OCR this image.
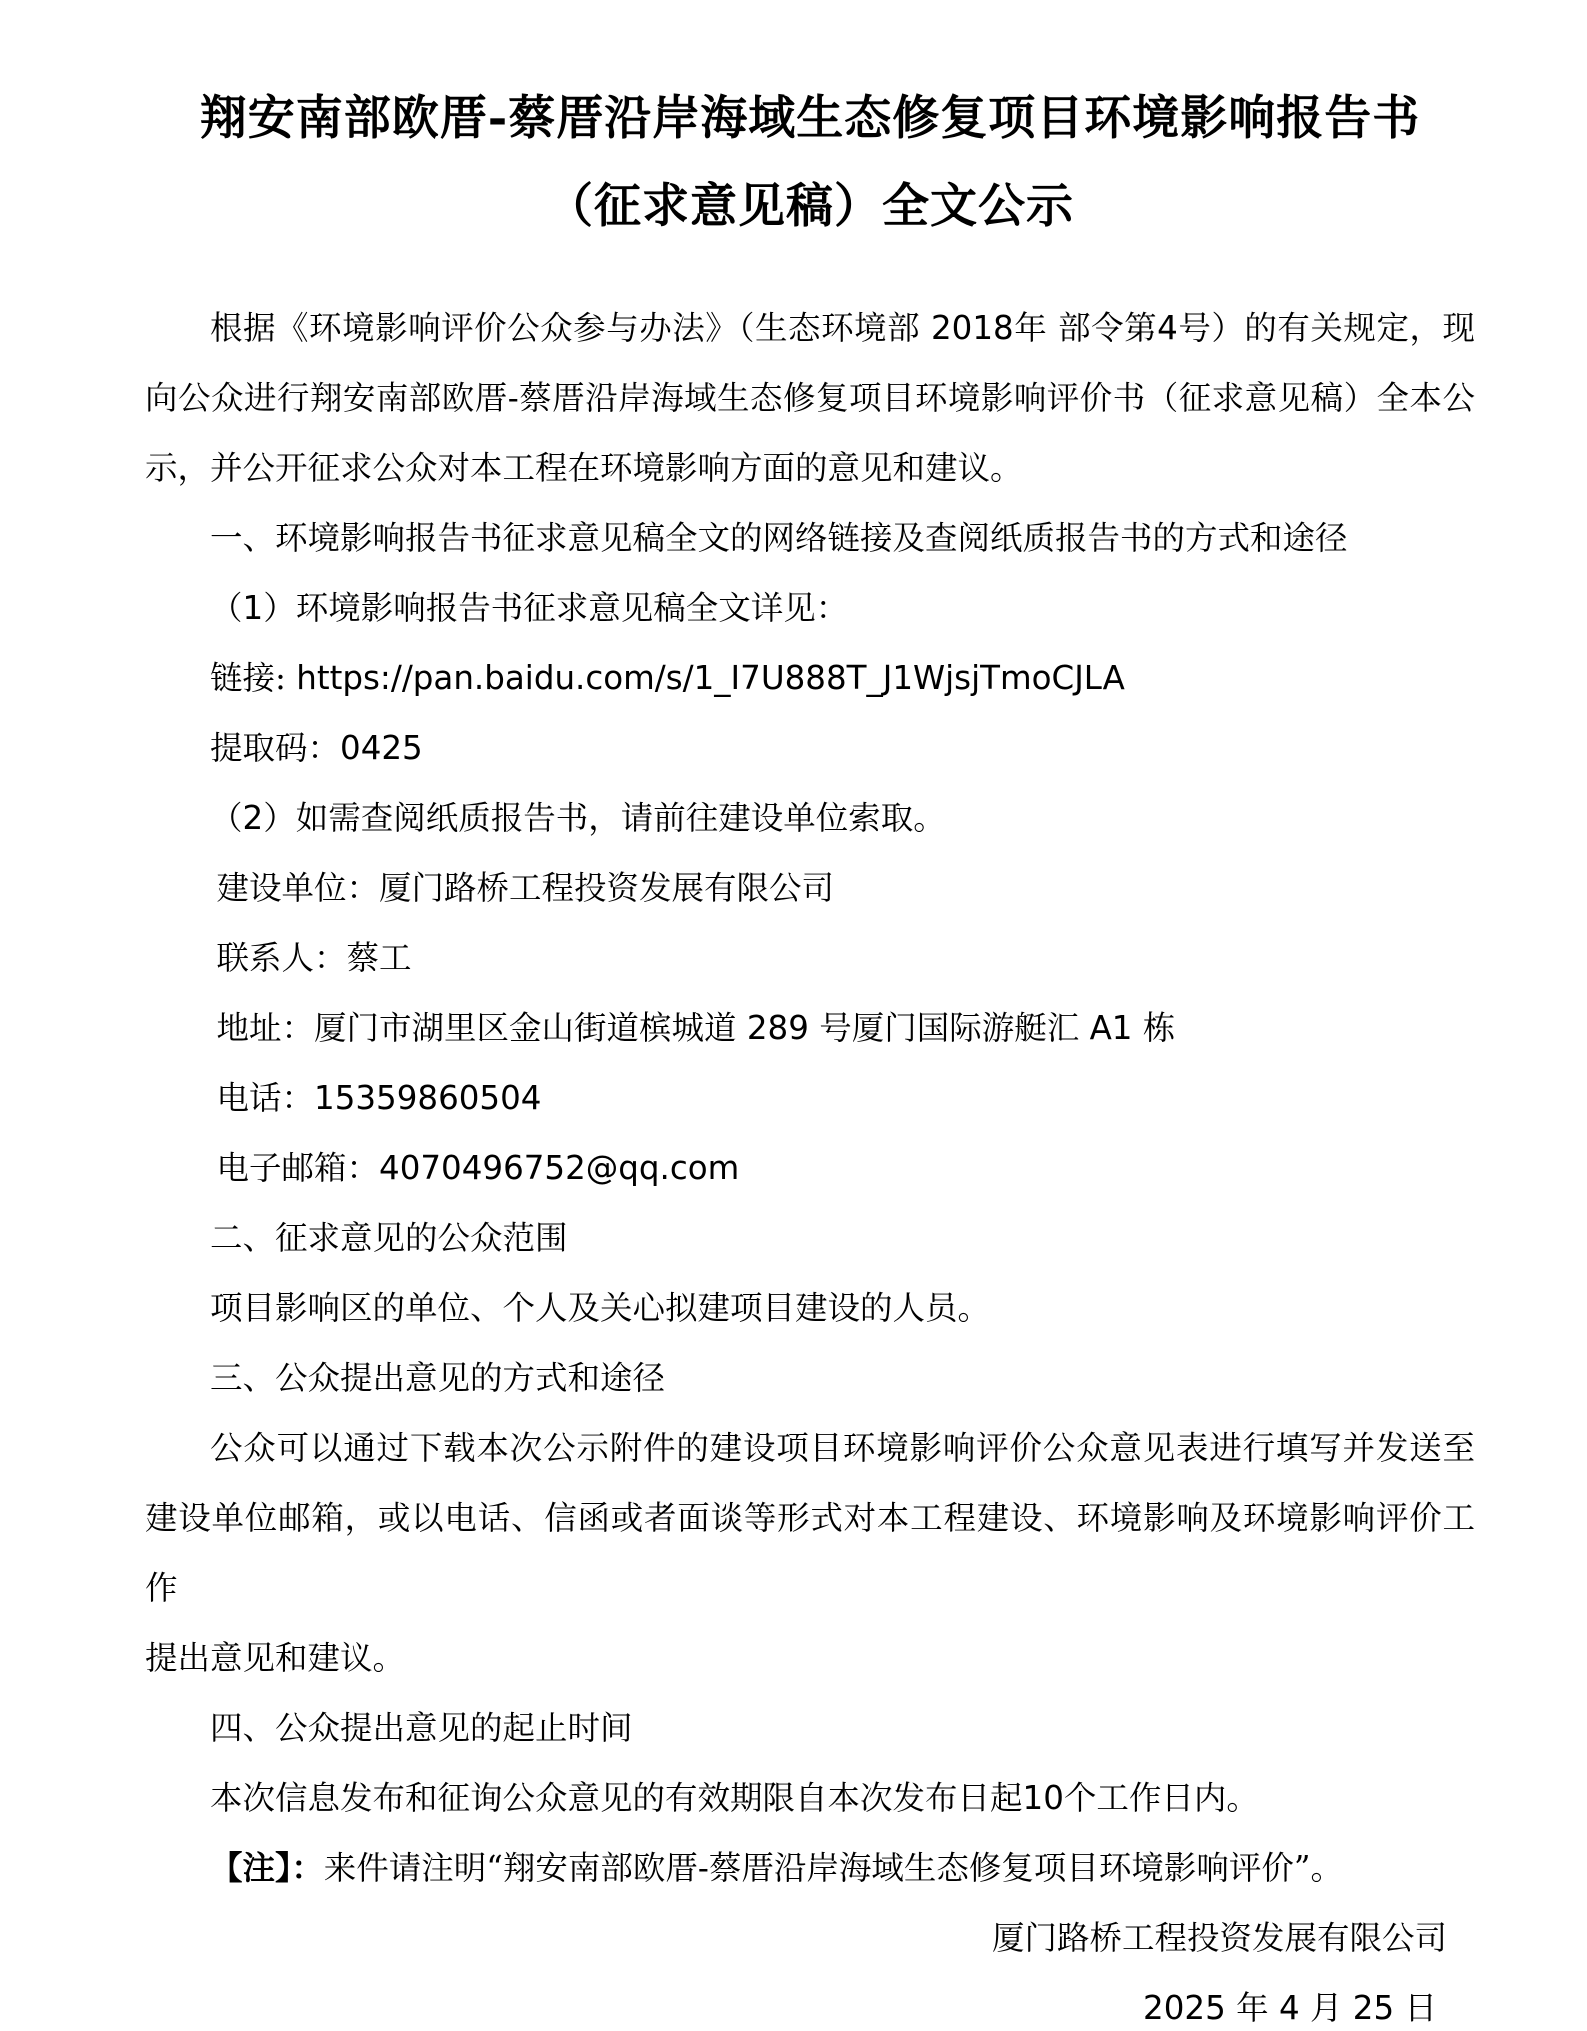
翔安南部欧厝-蔡厝沿岸海域生态修复项目环境影响报告书
（征求意见稿）全文公示

根据《环境影响评价公众参与办法》（生态环境部 2018年 部令第4号）的有关规定，现

向公众进行翔安南部欧厝-蔡厝沿岸海域生态修复项目环境影响评价书（征求意见稿）全本公

示，并公开征求公众对本工程在环境影响方面的意见和建议。

一、环境影响报告书征求意见稿全文的网络链接及查阅纸质报告书的方式和途径

（1）环境影响报告书征求意见稿全文详见：

链接: https://pan.baidu.com/s/1_I7U888T_J1WjsjTmoCJLA

提取码：0425

（2）如需查阅纸质报告书，请前往建设单位索取。

建设单位：厦门路桥工程投资发展有限公司

联系人：蔡工

地址：厦门市湖里区金山街道槟城道 289 号厦门国际游艇汇 A1 栋

电话：15359860504

电子邮箱：4070496752@qq.com

二、征求意见的公众范围

项目影响区的单位、个人及关心拟建项目建设的人员。

三、公众提出意见的方式和途径

公众可以通过下载本次公示附件的建设项目环境影响评价公众意见表进行填写并发送至

建设单位邮箱，或以电话、信函或者面谈等形式对本工程建设、环境影响及环境影响评价工作

提出意见和建议。

四、公众提出意见的起止时间

本次信息发布和征询公众意见的有效期限自本次发布日起10个工作日内。

【注】：来件请注明“翔安南部欧厝-蔡厝沿岸海域生态修复项目环境影响评价”。

厦门路桥工程投资发展有限公司

2025 年 4 月 25 日
